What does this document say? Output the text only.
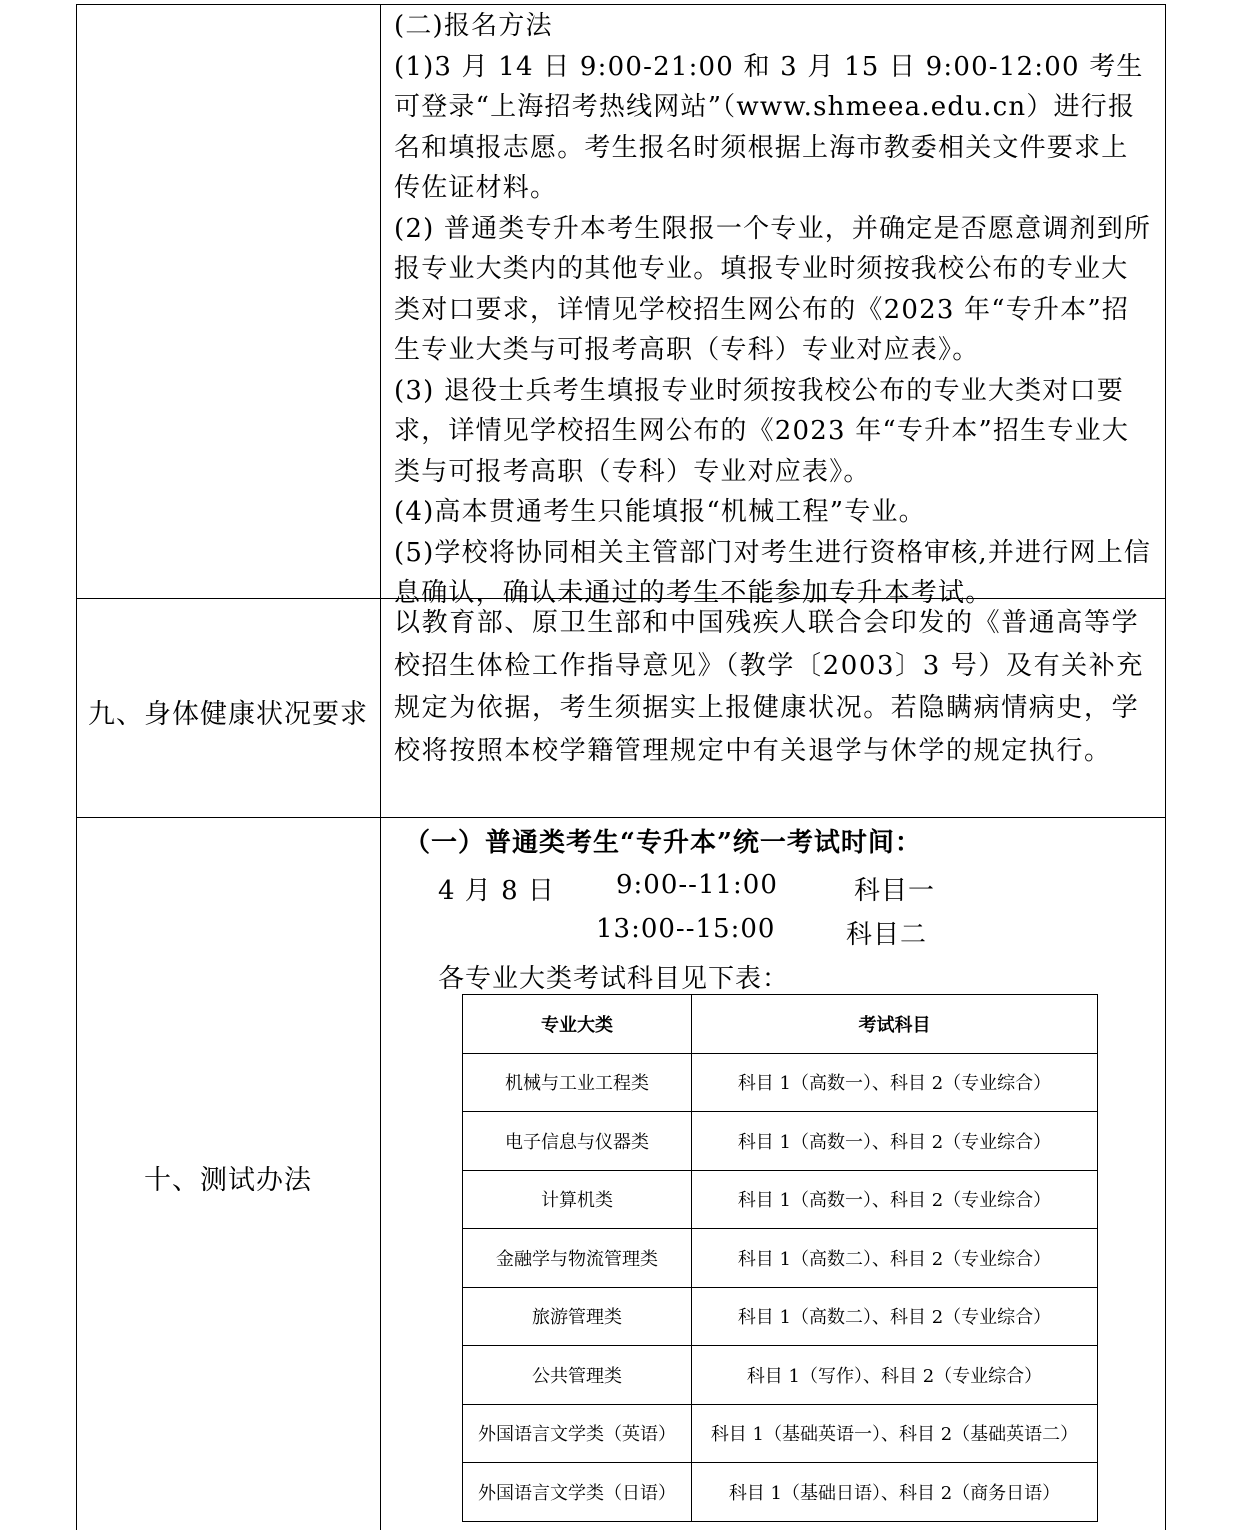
(二)报名方法

(1)3 月 14 日 9:00-21:00 和 3 月 15 日 9:00-12:00 考生可登录“上海招考热线网站”（www.shmeea.edu.cn）进行报名和填报志愿。考生报名时须根据上海市教委相关文件要求上传佐证材料。

(2) 普通类专升本考生限报一个专业，并确定是否愿意调剂到所报专业大类内的其他专业。填报专业时须按我校公布的专业大类对口要求，详情见学校招生网公布的《2023 年“专升本”招生专业大类与可报考高职（专科）专业对应表》。

(3) 退役士兵考生填报专业时须按我校公布的专业大类对口要求，详情见学校招生网公布的《2023 年“专升本”招生专业大类与可报考高职（专科）专业对应表》。

(4)高本贯通考生只能填报“机械工程”专业。

(5)学校将协同相关主管部门对考生进行资格审核,并进行网上信息确认，确认未通过的考生不能参加专升本考试。

九、身体健康状况要求
以教育部、原卫生部和中国残疾人联合会印发的《普通高等学校招生体检工作指导意见》（教学〔2003〕3 号）及有关补充规定为依据，考生须据实上报健康状况。若隐瞒病情病史，学校将按照本校学籍管理规定中有关退学与休学的规定执行。
十、测试办法
（一）普通类考生“专升本”统一考试时间：
4 月 8 日 9:00--11:00	科目一
13:00--15:00	科目二
各专业大类考试科目见下表：
专业大类	考试科目
机械与工业工程类	科目 1（高数一）、科目 2（专业综合）
电子信息与仪器类	科目 1（高数一）、科目 2（专业综合）
计算机类	科目 1（高数一）、科目 2（专业综合）
金融学与物流管理类	科目 1（高数二）、科目 2（专业综合）
旅游管理类	科目 1（高数二）、科目 2（专业综合）
公共管理类	科目 1（写作）、科目 2（专业综合）
外国语言文学类（英语）	科目 1（基础英语一）、科目 2（基础英语二）
外国语言文学类（日语）	科目 1（基础日语）、科目 2（商务日语）
